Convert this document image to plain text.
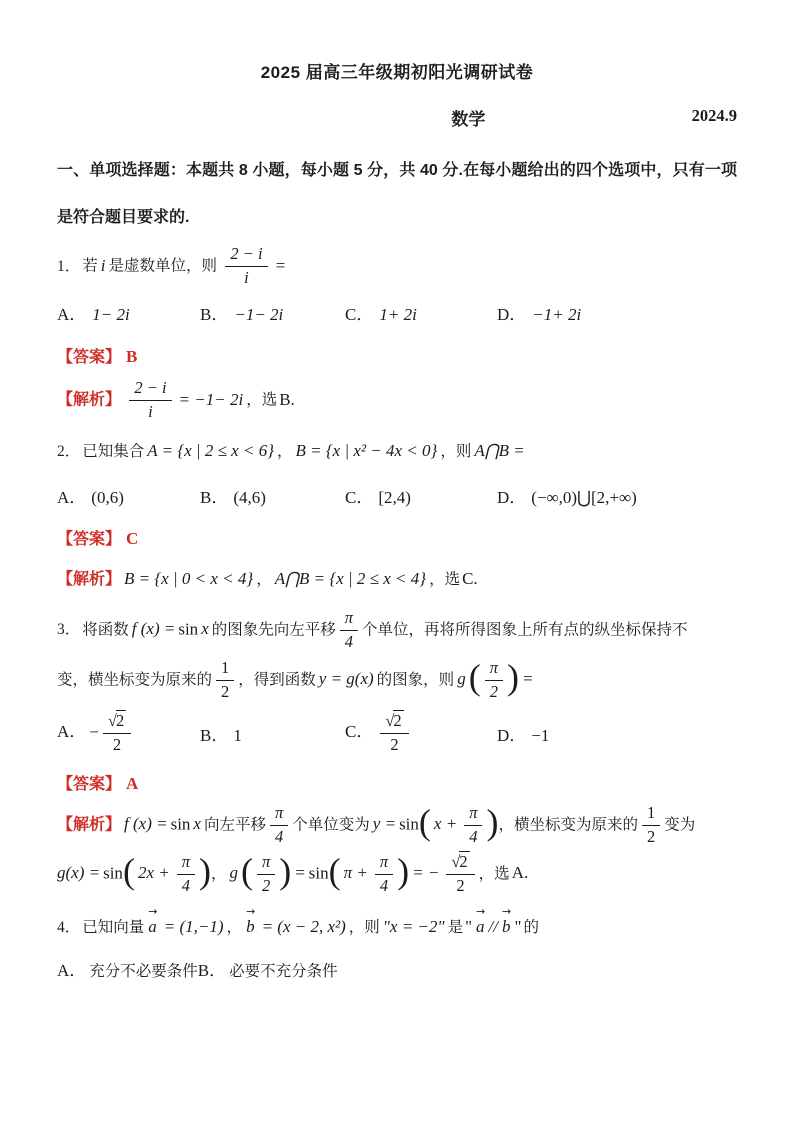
2025 届高三年级期初阳光调研试卷
数学	2024.9

一、单项选择题：本题共 8 小题，每小题 5 分，共 40 分.在每小题给出的四个选项中，只有一项是符合题目要求的.

1． 若 i 是虚数单位，则 $\frac{2 - i}{i}$ =

A． 1− 2i	B． −1− 2i	C． 1+ 2i	D． −1+ 2i

【答案】 B

【解析】 $\frac{2 - i}{i} = -1- 2i$ ，选 B.

2． 已知集合 A = {x | 2 ≤ x < 6} ， B = {x | x² − 4x < 0} ，则 A⋂B =

A． (0,6)	B． (4,6)	C． [2,4)	D． (−∞,0)⋃[2,+∞)

【答案】 C

【解析】 B = {x | 0 < x < 4} ， A⋂B = {x | 2 ≤ x < 4} ，选 C.

3． 将函数 f (x) = sin x 的图象先向左平移 $\frac{\pi}{4}$ 个单位，再将所得图象上所有点的纵坐标保持不

变，横坐标变为原来的 $\frac{1}{2}$ ，得到函数 y = g(x) 的图象，则 $g( \frac{\pi}{2}$ ) =

A． − $\frac{√2}{2}$	B． 1	C． $\frac{√2}{2}$	D． −1

【答案】 A

【解析】 f (x) = sin x 向左平移 $\frac{\pi}{4}$ 个单位变为 y = sin( $x + \frac{\pi}{4}$ )，横坐标变为原来的 $\frac{1}{2}$ 变为

g(x) = sin( $2x + \frac{\pi}{4}$ )， $g( \frac{\pi}{2}$ ) = sin( $\pi + \frac{\pi}{4}$ ) = − $\frac{√2}{2}$ ，选 A.

4． 已知向量
→
a = (1,−1) ，
→
b = (x − 2, x²) ，则 "x = −2" 是 "
→
a //
→
b " 的

A． 充分不必要条件B． 必要不充分条件
